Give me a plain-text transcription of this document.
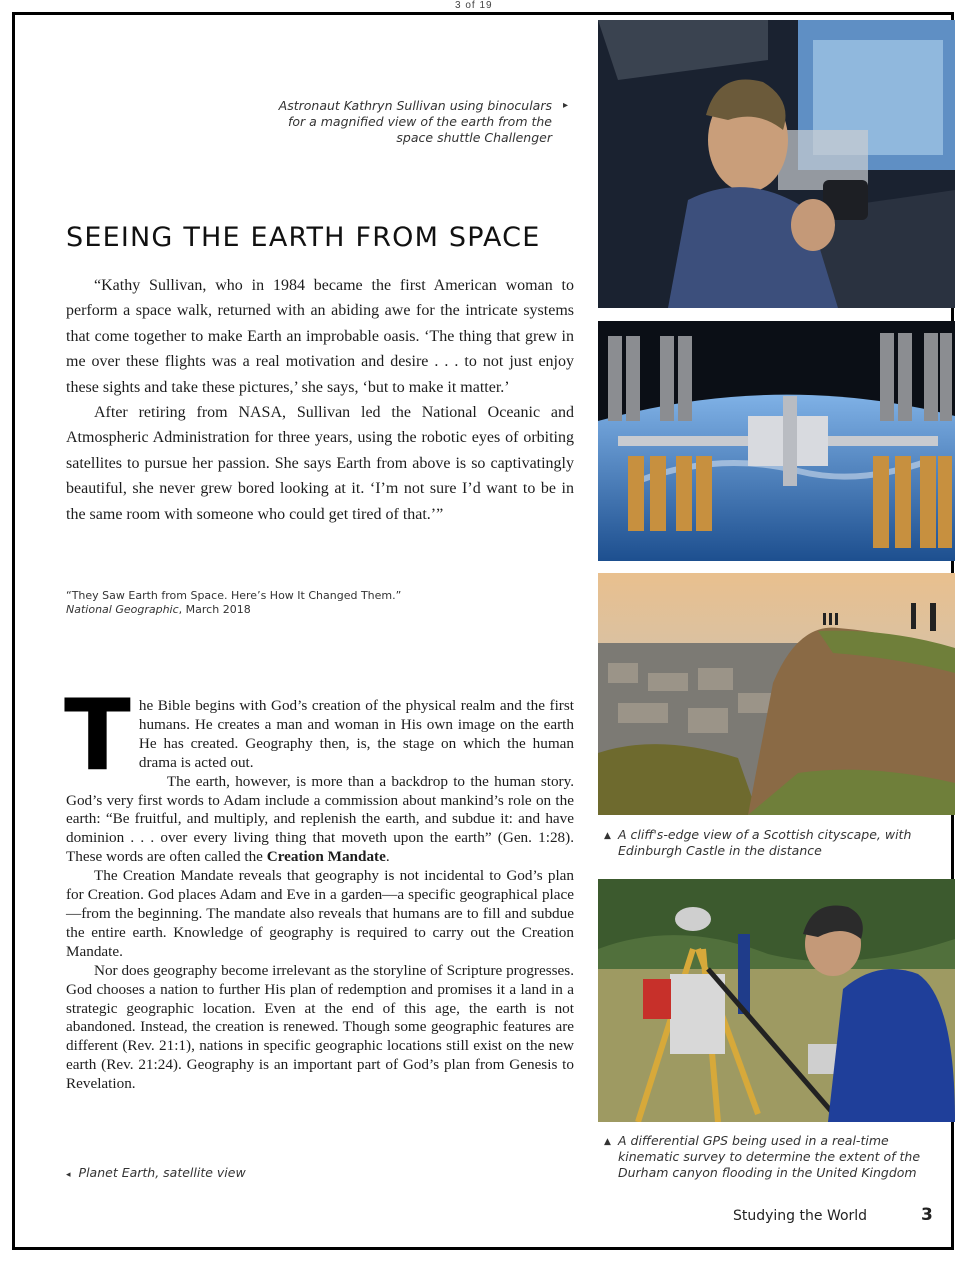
3 of 19
Astronaut Kathryn Sullivan using binoculars for a magnified view of the earth from the space shuttle Challenger
▸
SEEING THE EARTH FROM SPACE

“Kathy Sullivan, who in 1984 became the first American woman to perform a space walk, returned with an abiding awe for the intricate systems that come together to make Earth an improbable oasis. ‘The thing that grew in me over these flights was a real motivation and desire . . . to not just enjoy these sights and take these pictures,’ she says, ‘but to make it matter.’

After retiring from NASA, Sullivan led the National Oceanic and Atmospheric Administration for three years, using the robotic eyes of orbiting satellites to pursue her passion. She says Earth from above is so captivatingly beautiful, she never grew bored looking at it. ‘I’m not sure I’d want to be in the same room with someone who could get tired of that.’”

“They Saw Earth from Space. Here’s How It Changed Them.”
National Geographic, March 2018

The Bible begins with God’s creation of the physical realm and the first humans. He creates a man and woman in His own image on the earth He has created. Geography then, is, the stage on which the human drama is acted out.

The earth, however, is more than a backdrop to the human story. God’s very first words to Adam include a commission about mankind’s role on the earth: “Be fruitful, and multiply, and replenish the earth, and subdue it: and have dominion . . . over every living thing that moveth upon the earth” (Gen. 1:28). These words are often called the Creation Mandate.

The Creation Mandate reveals that geography is not incidental to God’s plan for Creation. God places Adam and Eve in a garden—a specific geographical place—from the beginning. The mandate also reveals that humans are to fill and subdue the entire earth. Knowledge of geography is required to carry out the Creation Mandate.

Nor does geography become irrelevant as the storyline of Scripture progresses. God chooses a nation to further His plan of redemption and promises it a land in a strategic geographic location. Even at the end of this age, the earth is not abandoned. Instead, the creation is renewed. Though some geographic features are different (Rev. 21:1), nations in specific geographic locations still exist on the new earth (Rev. 21:24). Geography is an important part of God’s plan from Genesis to Revelation.

▲ A cliff's-edge view of a Scottish cityscape, with Edinburgh Castle in the distance
▲ A differential GPS being used in a real-time kinematic survey to determine the extent of the Durham canyon flooding in the United Kingdom
◂ Planet Earth, satellite view
Studying the World	3
